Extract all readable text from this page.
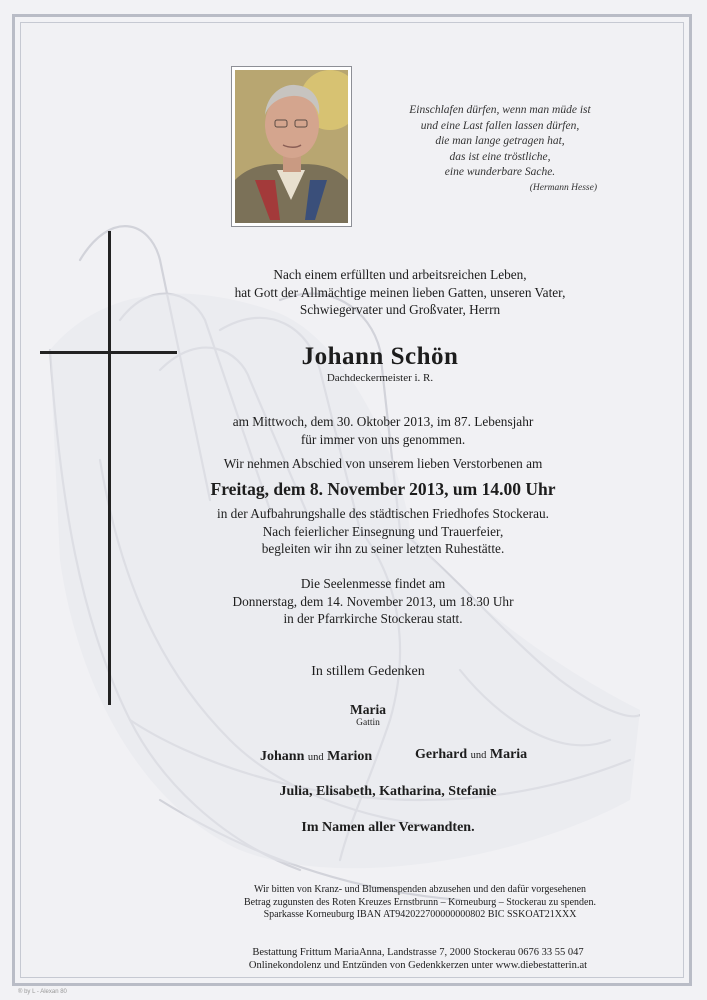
Einschlafen dürfen, wenn man müde ist
und eine Last fallen lassen dürfen,
die man lange getragen hat,
das ist eine tröstliche,
eine wunderbare Sache.
(Hermann Hesse)
Nach einem erfüllten und arbeitsreichen Leben,
hat Gott der Allmächtige meinen lieben Gatten, unseren Vater,
Schwiegervater und Großvater, Herrn
Johann Schön
Dachdeckermeister i. R.
am Mittwoch, dem 30. Oktober 2013, im 87. Lebensjahr
für immer von uns genommen.
Wir nehmen Abschied von unserem lieben Verstorbenen am
Freitag, dem 8. November 2013, um 14.00 Uhr
in der Aufbahrungshalle des städtischen Friedhofes Stockerau.
Nach feierlicher Einsegnung und Trauerfeier,
begleiten wir ihn zu seiner letzten Ruhestätte.
Die Seelenmesse findet am
Donnerstag, dem 14. November 2013, um 18.30 Uhr
in der Pfarrkirche Stockerau statt.
In stillem Gedenken
Maria
Gattin
Johann und Marion	Gerhard und Maria
Julia, Elisabeth, Katharina, Stefanie
Im Namen aller Verwandten.
Wir bitten von Kranz- und Blumenspenden abzusehen und den dafür vorgesehenen
Betrag zugunsten des Roten Kreuzes Ernstbrunn – Korneuburg – Stockerau zu spenden.
Sparkasse Korneuburg IBAN AT942022700000000802 BIC SSKOAT21XXX
Bestattung Frittum MariaAnna, Landstrasse 7, 2000 Stockerau 0676 33 55 047
Onlinekondolenz und Entzünden von Gedenkkerzen unter www.diebestatterin.at
® by L - Alexan 80
